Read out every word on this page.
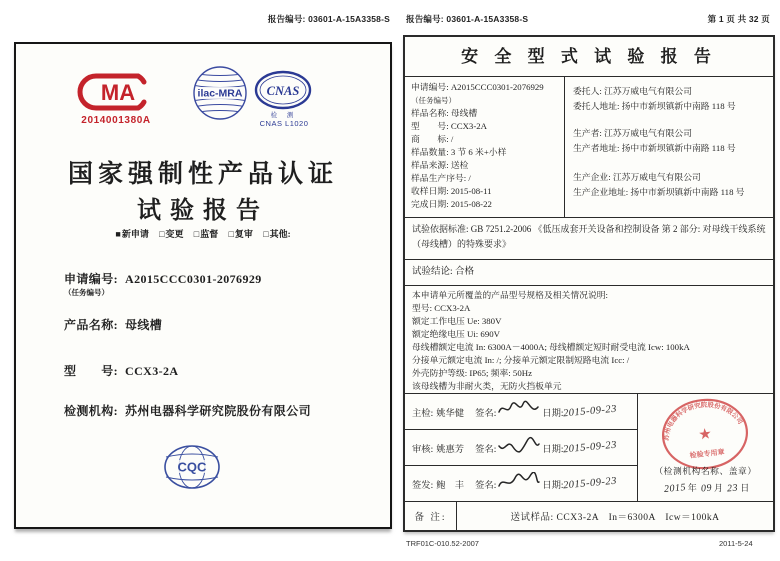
报告编号: 03601-A-15A3358-S 报告编号: 03601-A-15A3358-S	第 1 页 共 32 页
MA
2014001380A
ilac-MRA CNAS
检 测
CNAS L1020
国家强制性产品认证
试验报告
■新申请 □变更 □监督 □复审 □其他:
申请编号: A2015CCC0301-2076929
（任务编号）
产品名称: 母线槽
型　　号: CCX3-2A
检测机构: 苏州电器科学研究院股份有限公司
CQC
安 全 型 式 试 验 报 告
申请编号: A2015CCC0301-2076929
（任务编号）
样品名称: 母线槽
型　　号: CCX3-2A
商　　标: /
样品数量: 3 节 6 米+小样
样品来源: 送检
样品生产序号: /
收样日期: 2015-08-11
完成日期: 2015-08-22
委托人: 江苏万威电气有限公司
委托人地址: 扬中市新坝镇新中南路 118 号
生产者: 江苏万威电气有限公司
生产者地址: 扬中市新坝镇新中南路 118 号
生产企业: 江苏万威电气有限公司
生产企业地址: 扬中市新坝镇新中南路 118 号
试验依据标准: GB 7251.2-2006 《低压成套开关设备和控制设备 第 2 部分: 对母线干线系统（母线槽）的特殊要求》
试验结论: 合格
本申请单元所覆盖的产品型号规格及相关情况说明:
型号: CCX3-2A
额定工作电压 Ue: 380V
额定绝缘电压 Ui: 690V
母线槽额定电流 In: 6300A－4000A; 母线槽额定短时耐受电流 Icw: 100kA
分接单元额定电流 In: /; 分接单元额定限制短路电流 Icc: /
外壳防护等级: IP65; 频率: 50Hz
该母线槽为非耐火类，无防火挡板单元
主检: 姚华健 签名:	日期: 2015-09-23
审核: 姚惠芳 签名:	日期: 2015-09-23
签发: 鲍　丰 签名:	日期: 2015-09-23
苏州电器科学研究院股份有限公司
★
检验专用章
（检测机构名称、盖章）
2015 年 09 月 23 日
备 注:	送试样品: CCX3-2A　In＝6300A　Icw＝100kA
TRF01C-010.52-2007	2011-5-24
